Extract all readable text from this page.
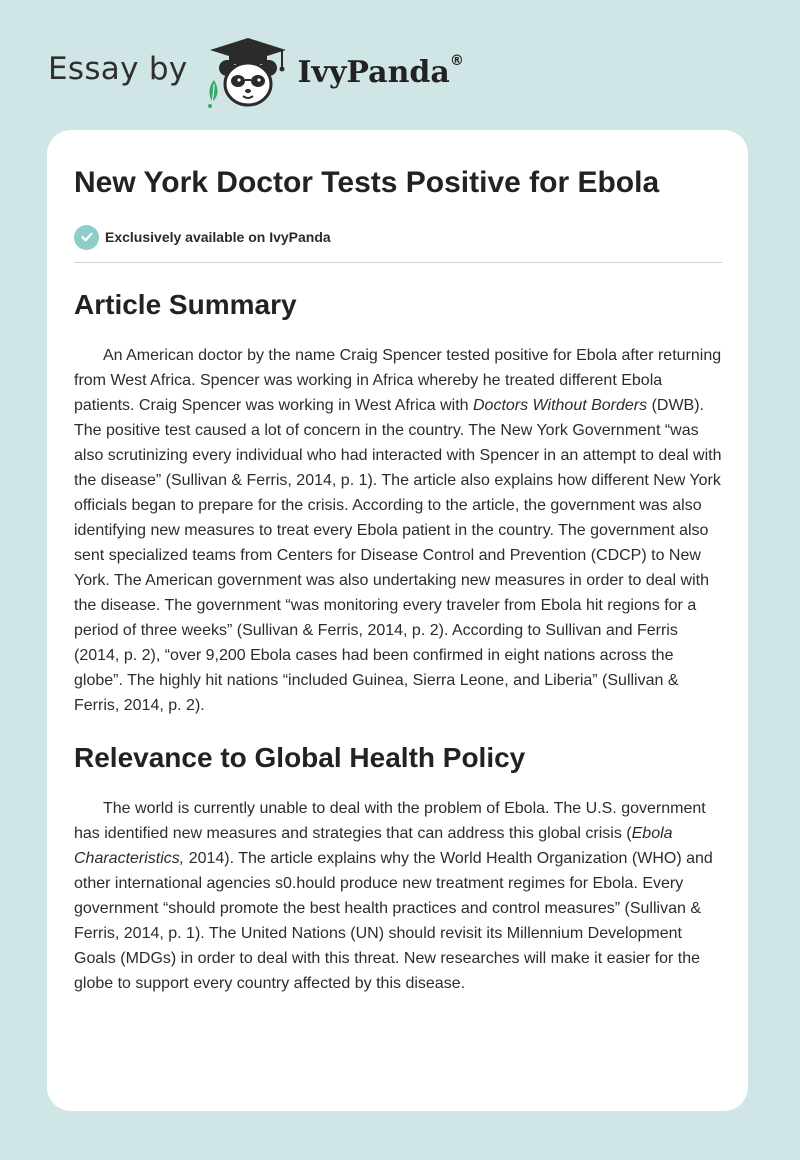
Essay by	IvyPanda®
New York Doctor Tests Positive for Ebola
Exclusively available on IvyPanda
Article Summary

An American doctor by the name Craig Spencer tested positive for Ebola after returning from West Africa. Spencer was working in Africa whereby he treated different Ebola patients. Craig Spencer was working in West Africa with Doctors Without Borders (DWB). The positive test caused a lot of concern in the country. The New York Government “was also scrutinizing every individual who had interacted with Spencer in an attempt to deal with the disease” (Sullivan & Ferris, 2014, p. 1). The article also explains how different New York officials began to prepare for the crisis. According to the article, the government was also identifying new measures to treat every Ebola patient in the country. The government also sent specialized teams from Centers for Disease Control and Prevention (CDCP) to New York. The American government was also undertaking new measures in order to deal with the disease. The government “was monitoring every traveler from Ebola hit regions for a period of three weeks” (Sullivan & Ferris, 2014, p. 2). According to Sullivan and Ferris (2014, p. 2), “over 9,200 Ebola cases had been confirmed in eight nations across the globe”. The highly hit nations “included Guinea, Sierra Leone, and Liberia” (Sullivan & Ferris, 2014, p. 2).

Relevance to Global Health Policy

The world is currently unable to deal with the problem of Ebola. The U.S. government has identified new measures and strategies that can address this global crisis (Ebola Characteristics, 2014). The article explains why the World Health Organization (WHO) and other international agencies s0.hould produce new treatment regimes for Ebola. Every government “should promote the best health practices and control measures” (Sullivan & Ferris, 2014, p. 1). The United Nations (UN) should revisit its Millennium Development Goals (MDGs) in order to deal with this threat. New researches will make it easier for the globe to support every country affected by this disease.
